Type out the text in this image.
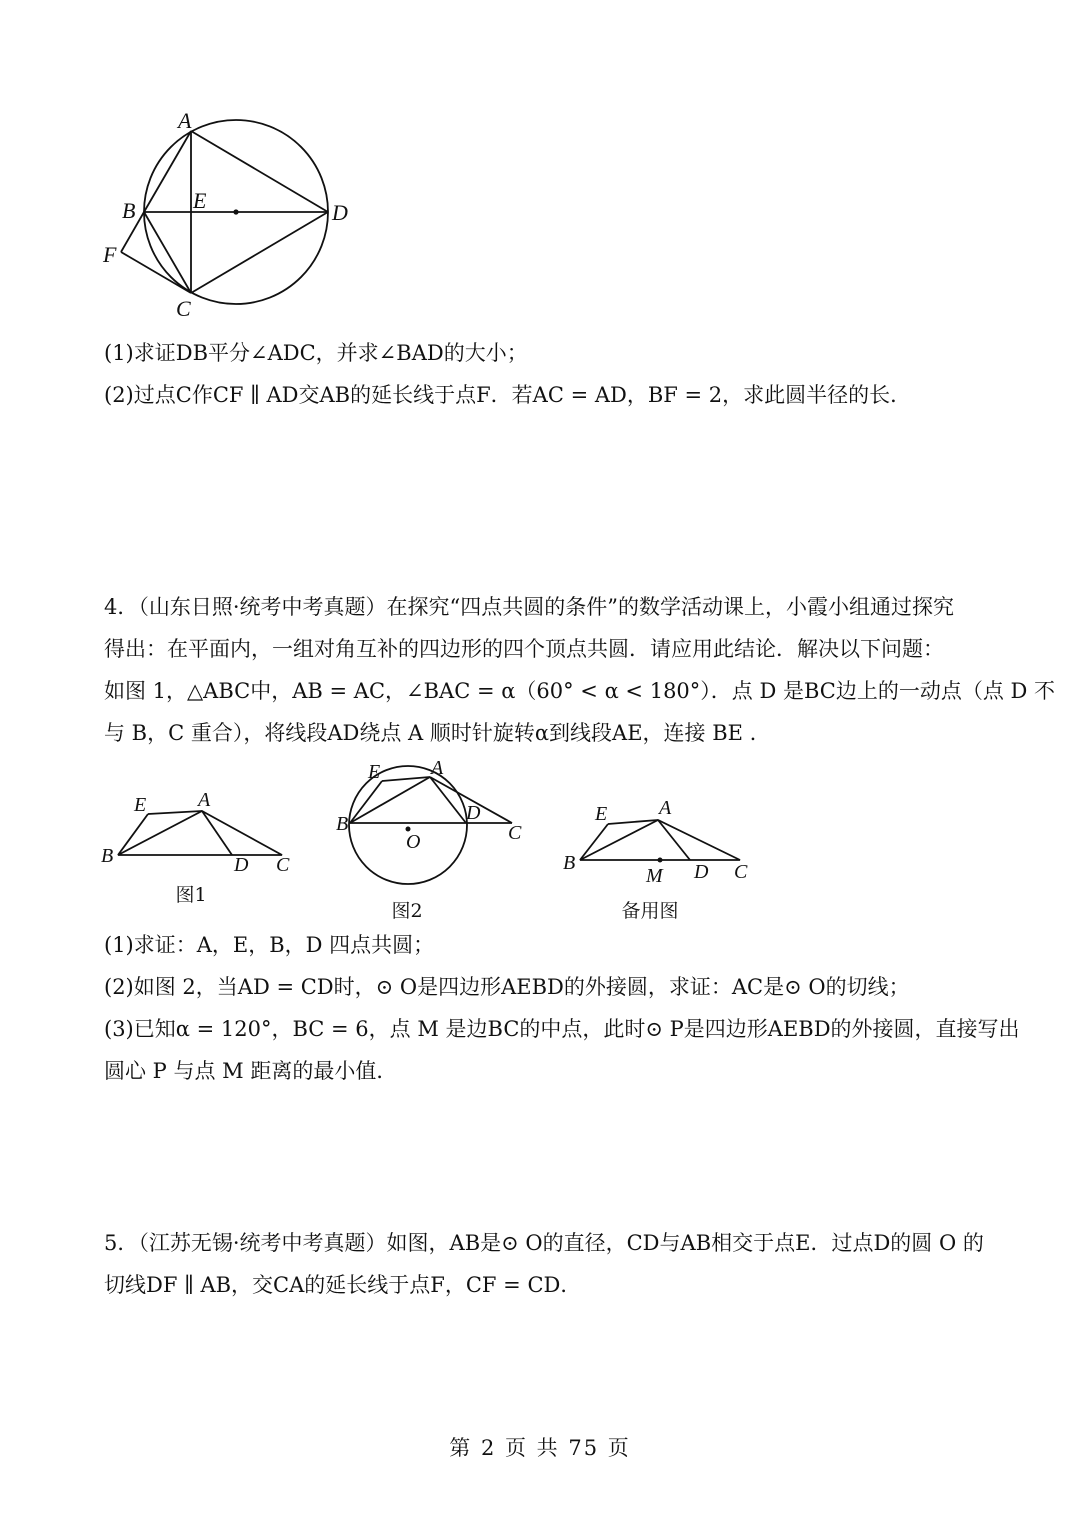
A
B
C
D
E
F
(1)求证DB平分∠ADC，并求∠BAD的大小；
(2)过点C作CF ∥ AD交AB的延长线于点F．若AC = AD，BF = 2，求此圆半径的长．
4．（山东日照·统考中考真题）在探究“四点共圆的条件”的数学活动课上，小霞小组通过探究
得出：在平面内，一组对角互补的四边形的四个顶点共圆．请应用此结论．解决以下问题：
如图 1，△ABC中，AB = AC，∠BAC = α（60° < α < 180°）．点 D 是BC边上的一动点（点 D 不
与 B，C 重合），将线段AD绕点 A 顺时针旋转α到线段AE，连接 BE .
E	A
B	D C
E	A
B
O
D
C
E	A
B
M D C
图1
图2	备用图
(1)求证：A，E，B，D 四点共圆；
(2)如图 2，当AD = CD时，⊙ O是四边形AEBD的外接圆，求证：AC是⊙ O的切线；
(3)已知α = 120°，BC = 6，点 M 是边BC的中点，此时⊙ P是四边形AEBD的外接圆，直接写出
圆心 P 与点 M 距离的最小值．
5．（江苏无锡·统考中考真题）如图，AB是⊙ O的直径，CD与AB相交于点E．过点D的圆 O 的
切线DF ∥ AB，交CA的延长线于点F，CF = CD．
第 2 页 共 75 页
